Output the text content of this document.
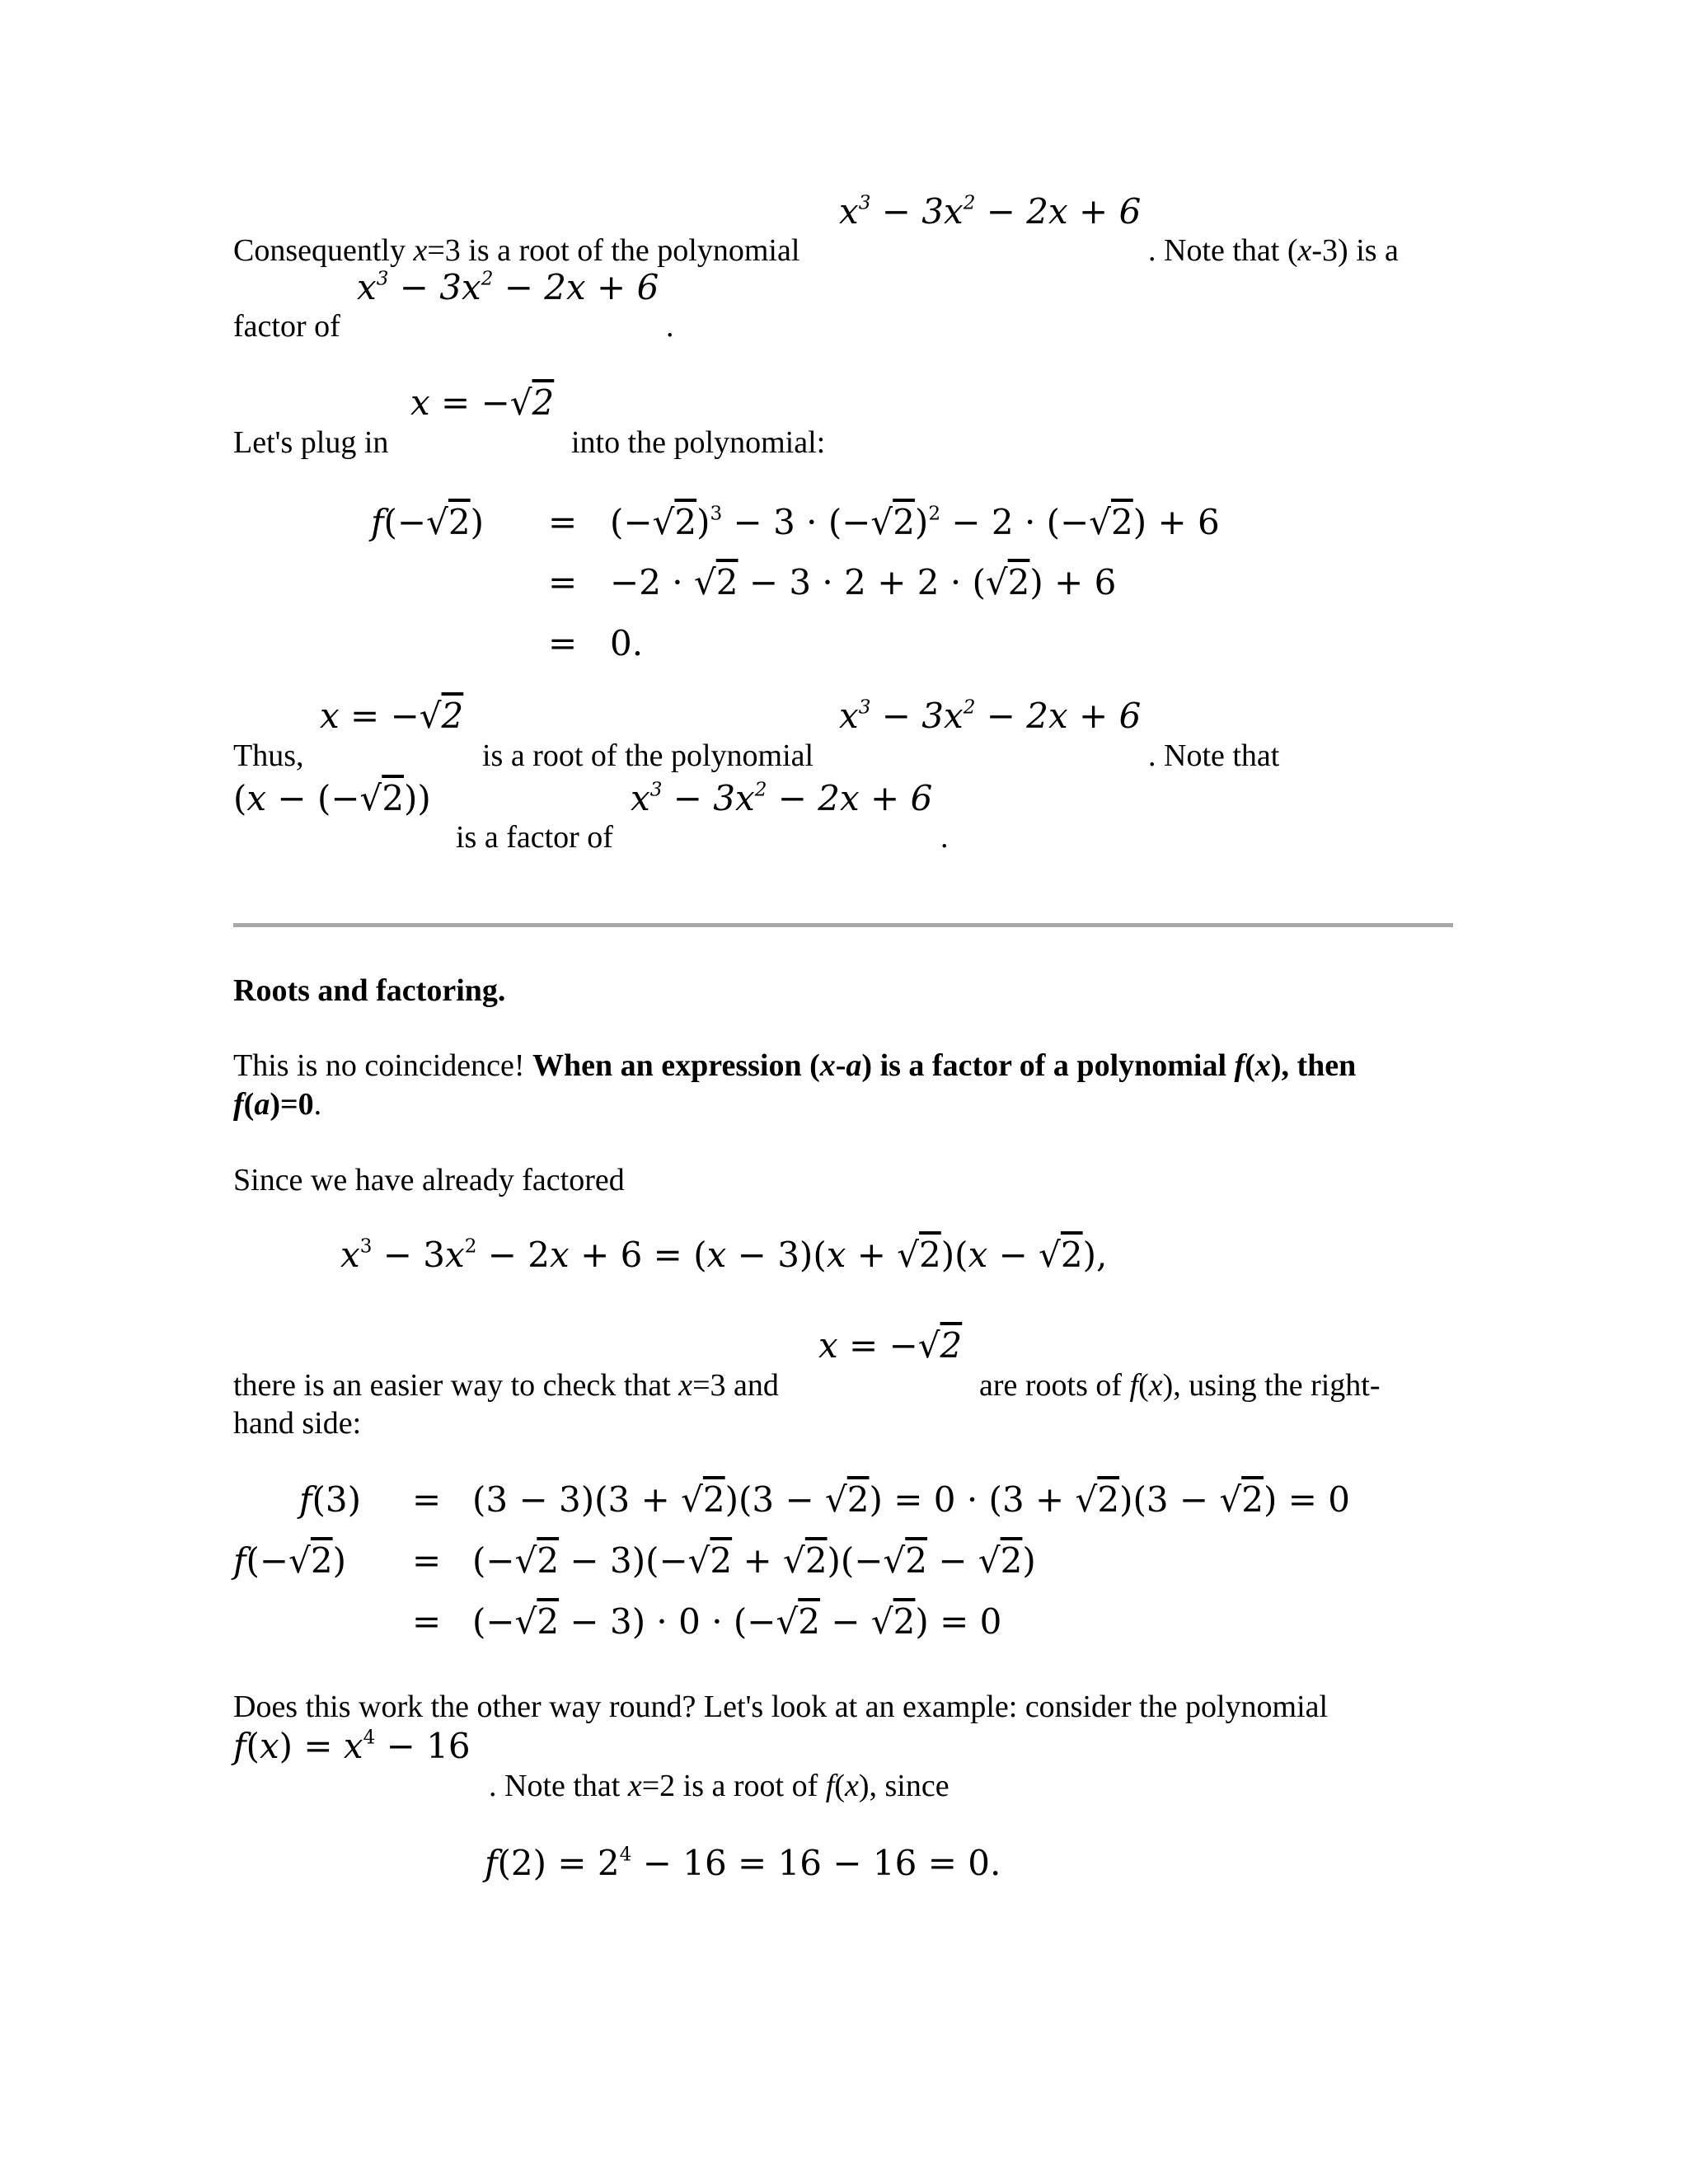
$x^3 - 3x^2 - 2x + 6$
Consequently x=3 is a root of the polynomial	. Note that (x-3) is a
$x^3 - 3x^2 - 2x + 6$
factor of	.
x = −√2
Let's plug in	into the polynomial:
$f(-√2) = (-√2)^3 - 3 \cdot (-√2)^2 - 2 \cdot (-√2) + 6$
= −2 · √2 − 3 · 2 + 2 · (√2) + 6
= 0.
x = −√2	$x^3 - 3x^2 - 2x + 6$
Thus,	is a root of the polynomial	. Note that
(x − (−√2))	$x^3 - 3x^2 - 2x + 6$
is a factor of	.
Roots and factoring.
This is no coincidence! When an expression (x-a) is a factor of a polynomial f(x), then
f(a)=0.
Since we have already factored
$x^3 - 3x^2 - 2x + 6 = (x - 3)(x + √2)(x - √2)$,
x = −√2
there is an easier way to check that x=3 and	are roots of f(x), using the right-
hand side:
f(3) = (3 − 3)(3 + √2)(3 − √2) = 0 · (3 + √2)(3 − √2) = 0
f(−√2) = (−√2 − 3)(−√2 + √2)(−√2 − √2)
= (−√2 − 3) · 0 · (−√2 − √2) = 0
Does this work the other way round? Let's look at an example: consider the polynomial
$f(x) = x^4 - 16$
. Note that x=2 is a root of f(x), since
$f(2) = 2^4 - 16 = 16 - 16 = 0$.
